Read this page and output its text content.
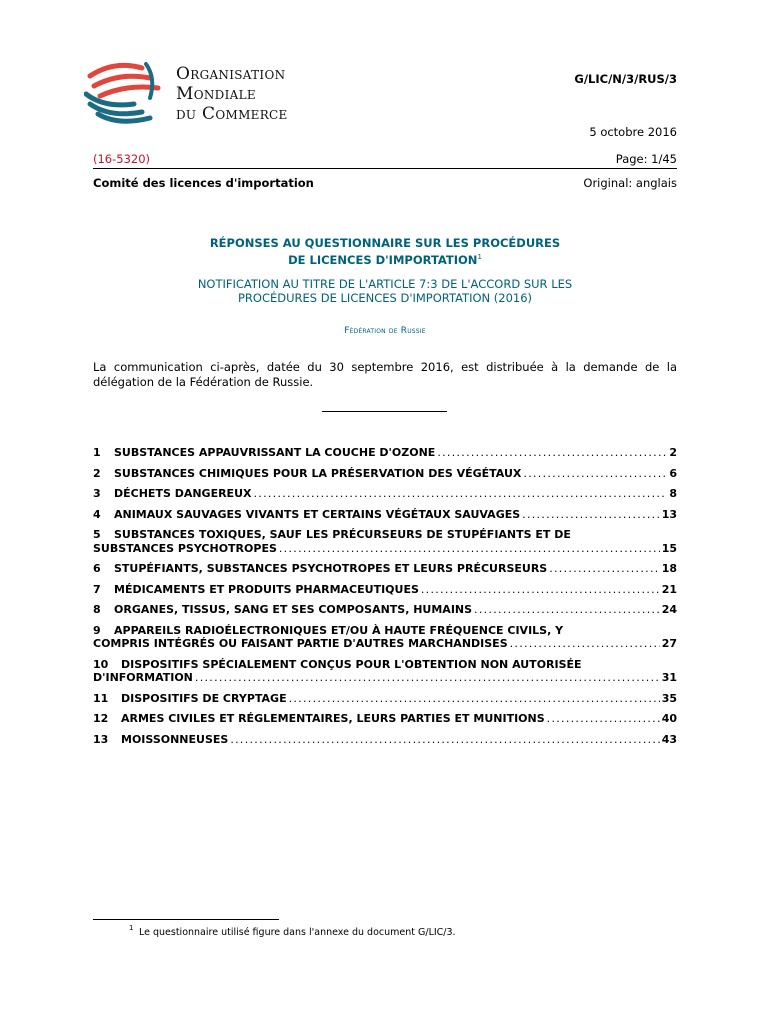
Organisation
Mondiale
du Commerce
G/LIC/N/3/RUS/3
5 octobre 2016
(16-5320)	Page: 1/45
Comité des licences d'importation	Original: anglais
RÉPONSES AU QUESTIONNAIRE SUR LES PROCÉDURES
DE LICENCES D'IMPORTATION$^1$
NOTIFICATION AU TITRE DE L'ARTICLE 7:3 DE L'ACCORD SUR LES
PROCÉDURES DE LICENCES D'IMPORTATION (2016)
Fédération de Russie
La communication ci-après, datée du 30 septembre 2016, est distribuée à la demande de la délégation de la Fédération de Russie.
1	SUBSTANCES APPAUVRISSANT LA COUCHE D'OZONE .....	2
2	SUBSTANCES CHIMIQUES POUR LA PRÉSERVATION DES VÉGÉTAUX .....	6
3	DÉCHETS DANGEREUX .....	8
4	ANIMAUX SAUVAGES VIVANTS ET CERTAINS VÉGÉTAUX SAUVAGES .....	13
5 SUBSTANCES TOXIQUES, SAUF LES PRÉCURSEURS DE STUPÉFIANTS ET DE
SUBSTANCES PSYCHOTROPES .....	15
6	STUPÉFIANTS, SUBSTANCES PSYCHOTROPES ET LEURS PRÉCURSEURS .....	18
7	MÉDICAMENTS ET PRODUITS PHARMACEUTIQUES .....	21
8	ORGANES, TISSUS, SANG ET SES COMPOSANTS, HUMAINS .....	24
9 APPAREILS RADIOÉLECTRONIQUES ET/OU À HAUTE FRÉQUENCE CIVILS, Y
COMPRIS INTÉGRÉS OU FAISANT PARTIE D'AUTRES MARCHANDISES .....	27
10 DISPOSITIFS SPÉCIALEMENT CONÇUS POUR L'OBTENTION NON AUTORISÉE
D'INFORMATION .....	31
11	DISPOSITIFS DE CRYPTAGE .....	35
12	ARMES CIVILES ET RÉGLEMENTAIRES, LEURS PARTIES ET MUNITIONS .....	40
13	MOISSONNEUSES .....	43
1 Le questionnaire utilisé figure dans l'annexe du document G/LIC/3.
